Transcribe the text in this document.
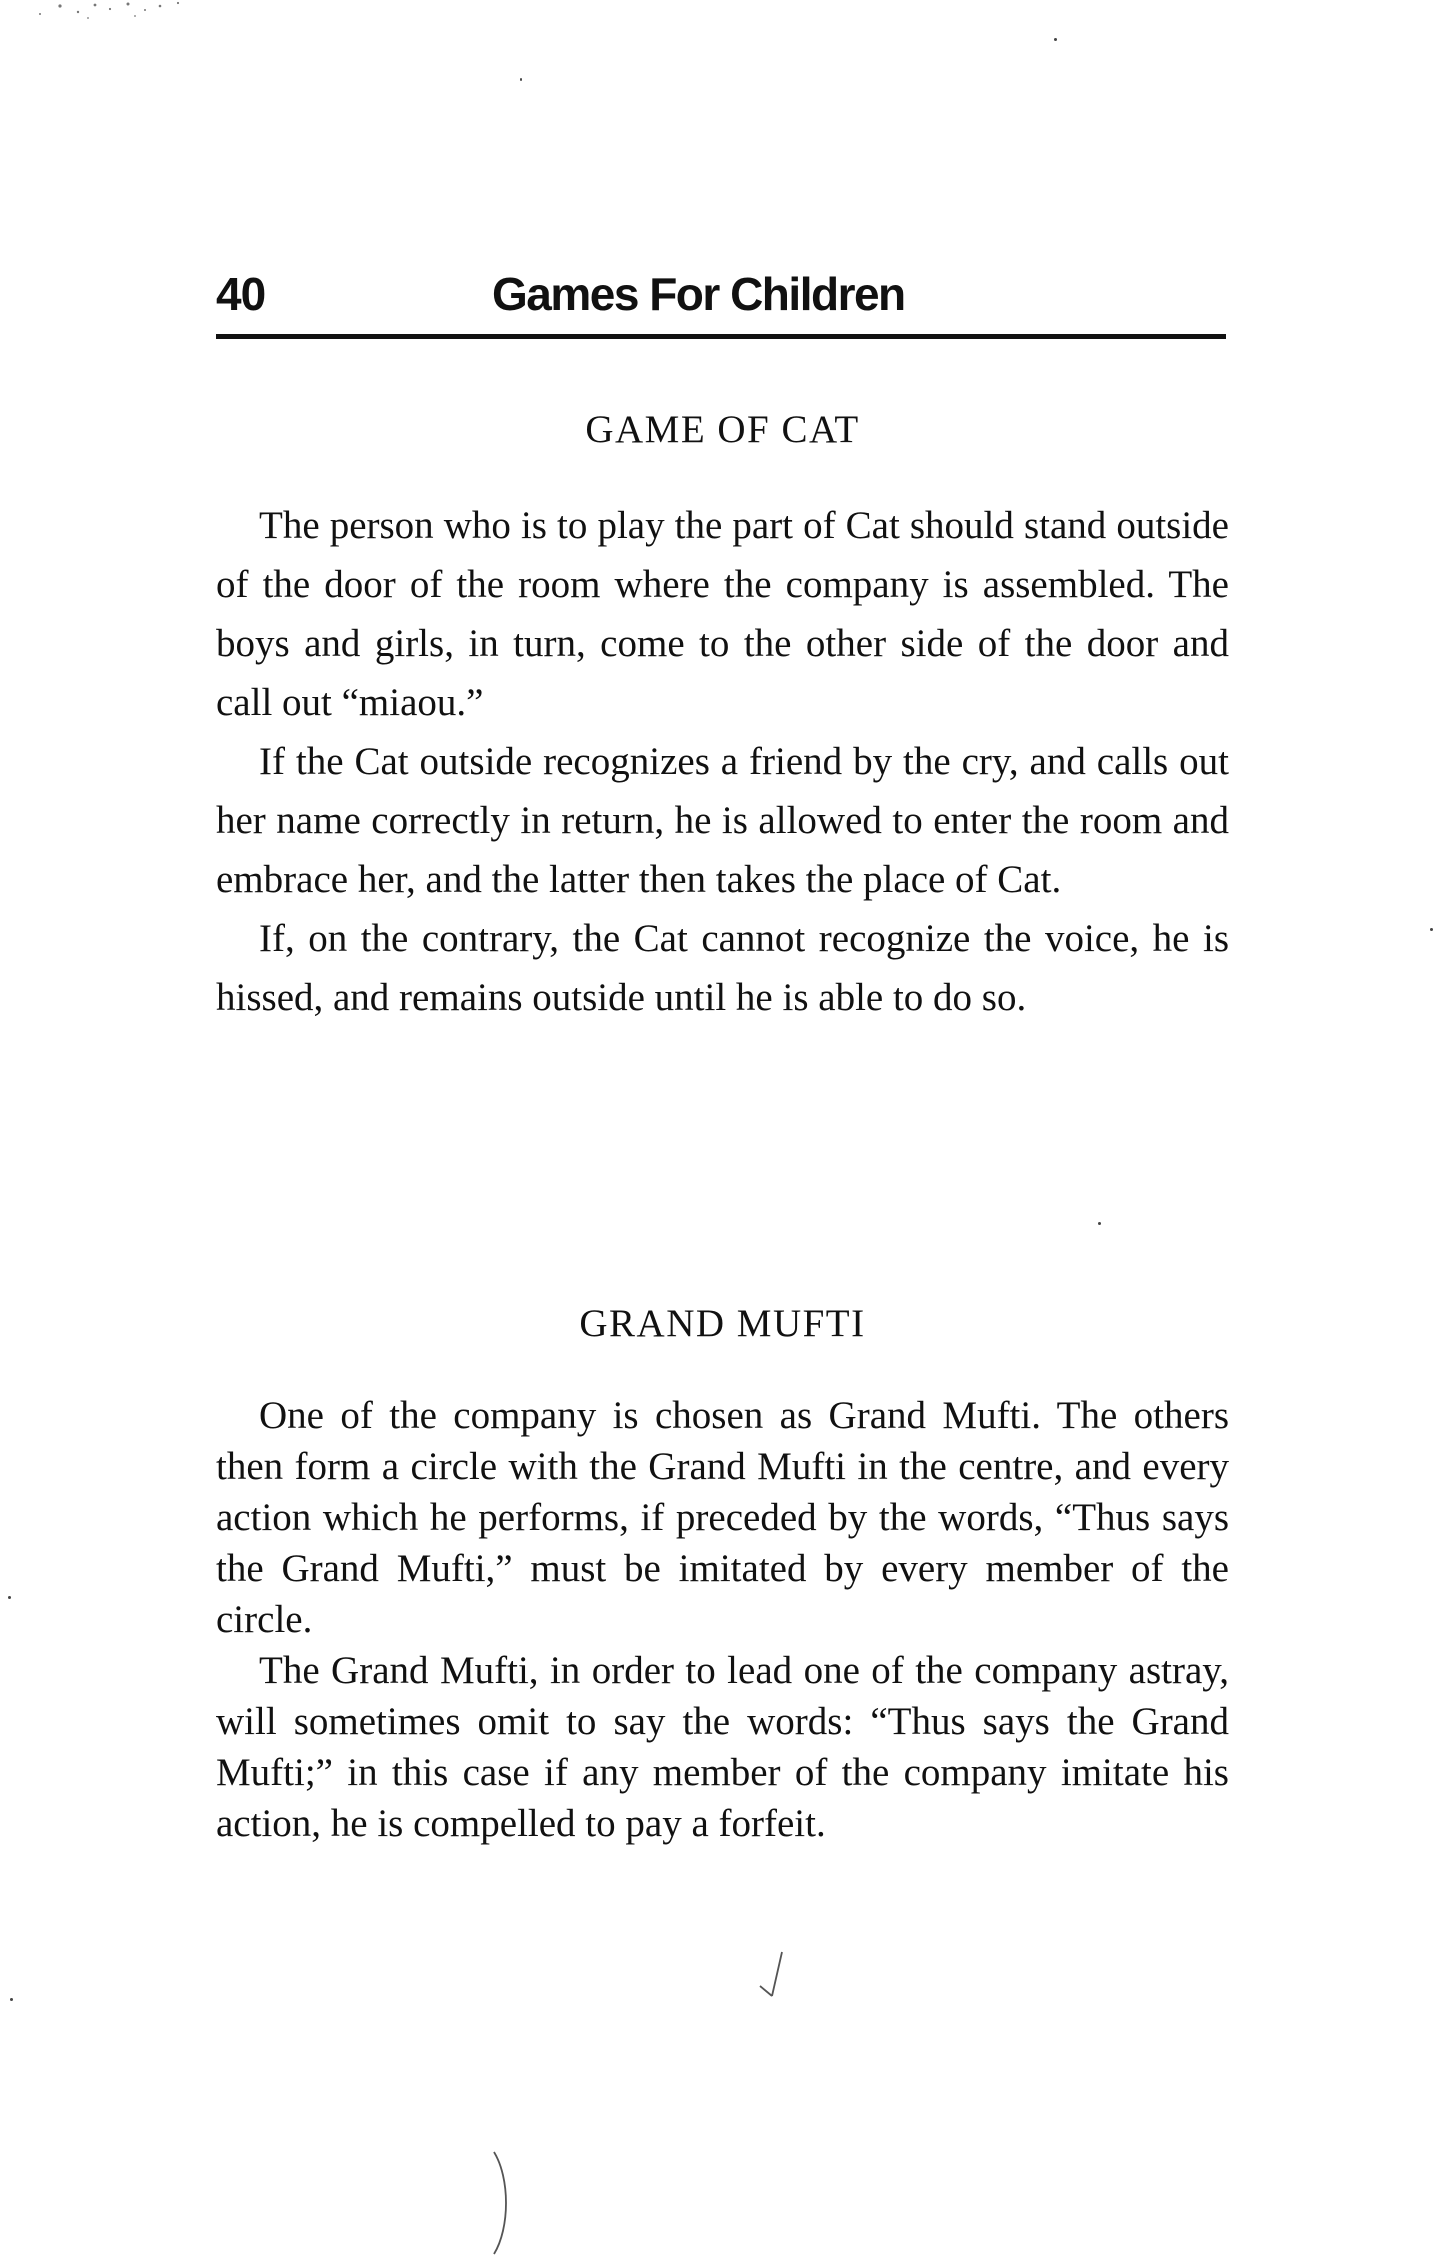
40	Games For Children
GAME OF CAT

The person who is to play the part of Cat should stand outside of the door of the room where the company is assembled. The boys and girls, in turn, come to the other side of the door and call out “miaou.”

If the Cat outside recognizes a friend by the cry, and calls out her name correctly in return, he is allowed to enter the room and embrace her, and the latter then takes the place of Cat.

If, on the contrary, the Cat cannot recognize the voice, he is hissed, and remains outside until he is able to do so.

GRAND MUFTI

One of the company is chosen as Grand Mufti. The others then form a circle with the Grand Mufti in the centre, and every action which he performs, if preceded by the words, “Thus says the Grand Mufti,” must be imitated by every member of the circle.

The Grand Mufti, in order to lead one of the company astray, will sometimes omit to say the words: “Thus says the Grand Mufti;” in this case if any member of the company imitate his action, he is compelled to pay a forfeit.
